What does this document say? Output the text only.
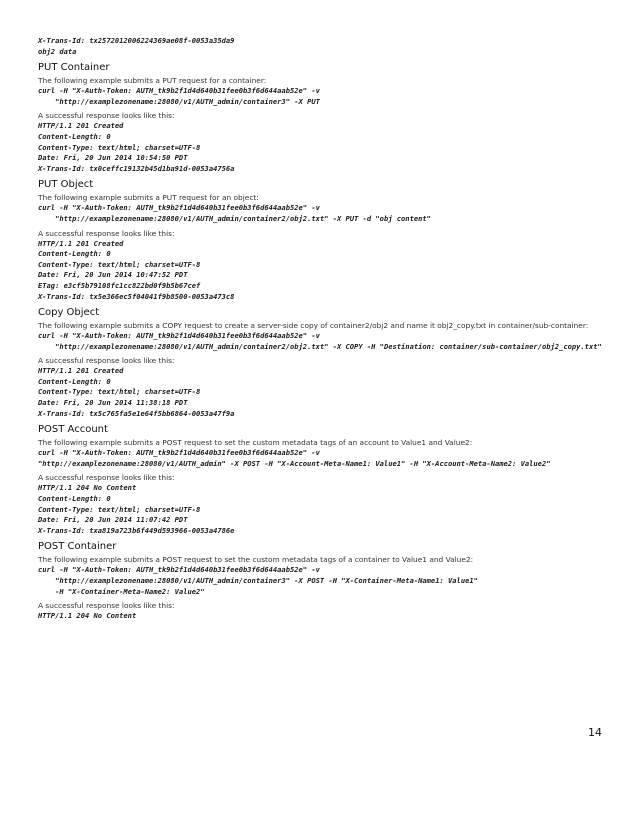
X-Trans-Id: tx2572012006224369ae08f-0053a35da9
obj2 data
PUT Container
The following example submits a PUT request for a container:
curl -H "X-Auth-Token: AUTH_tk9b2f1d4d640b31fee0b3f6d644aab52e" -v
"http://examplezonename:28080/v1/AUTH_admin/container3" -X PUT
A successful response looks like this:
HTTP/1.1 201 Created
Content-Length: 0
Content-Type: text/html; charset=UTF-8
Date: Fri, 20 Jun 2014 10:54:50 PDT
X-Trans-Id: tx0ceffc19132b45d1ba91d-0053a4756a
PUT Object
The following example submits a PUT request for an object:
curl -H "X-Auth-Token: AUTH_tk9b2f1d4d640b31fee0b3f6d644aab52e" -v
"http://examplezonename:28080/v1/AUTH_admin/container2/obj2.txt" -X PUT -d "obj content"
A successful response looks like this:
HTTP/1.1 201 Created
Content-Length: 0
Content-Type: text/html; charset=UTF-8
Date: Fri, 20 Jun 2014 10:47:52 PDT
ETag: e3cf5b79108fc1cc822bd0f9b5b67cef
X-Trans-Id: tx5e366ec5f04041f9b8500-0053a473c8
Copy Object
The following example submits a COPY request to create a server-side copy of container2/obj2 and name it obj2_copy.txt in container/sub-container:
curl -H "X-Auth-Token: AUTH_tk9b2f1d4d640b31fee0b3f6d644aab52e" -v
"http://examplezonename:28080/v1/AUTH_admin/container2/obj2.txt" -X COPY -H "Destination: container/sub-container/obj2_copy.txt"
A successful response looks like this:
HTTP/1.1 201 Created
Content-Length: 0
Content-Type: text/html; charset=UTF-8
Date: Fri, 20 Jun 2014 11:38:18 PDT
X-Trans-Id: tx5c765fa5e1e64f5bb6864-0053a47f9a
POST Account
The following example submits a POST request to set the custom metadata tags of an account to Value1 and Value2:
curl -H "X-Auth-Token: AUTH_tk9b2f1d4d640b31fee0b3f6d644aab52e" -v
"http://examplezonename:28080/v1/AUTH_admin" -X POST -H "X-Account-Meta-Name1: Value1" -H "X-Account-Meta-Name2: Value2"
A successful response looks like this:
HTTP/1.1 204 No Content
Content-Length: 0
Content-Type: text/html; charset=UTF-8
Date: Fri, 20 Jun 2014 11:07:42 PDT
X-Trans-Id: txa819a723b6f449d593966-0053a4786e
POST Container
The following example submits a POST request to set the custom metadata tags of a container to Value1 and Value2:
curl -H "X-Auth-Token: AUTH_tk9b2f1d4d640b31fee0b3f6d644aab52e" -v
"http://examplezonename:28080/v1/AUTH_admin/container3" -X POST -H "X-Container-Meta-Name1: Value1"
-H "X-Container-Meta-Name2: Value2"
A successful response looks like this:
HTTP/1.1 204 No Content
14
